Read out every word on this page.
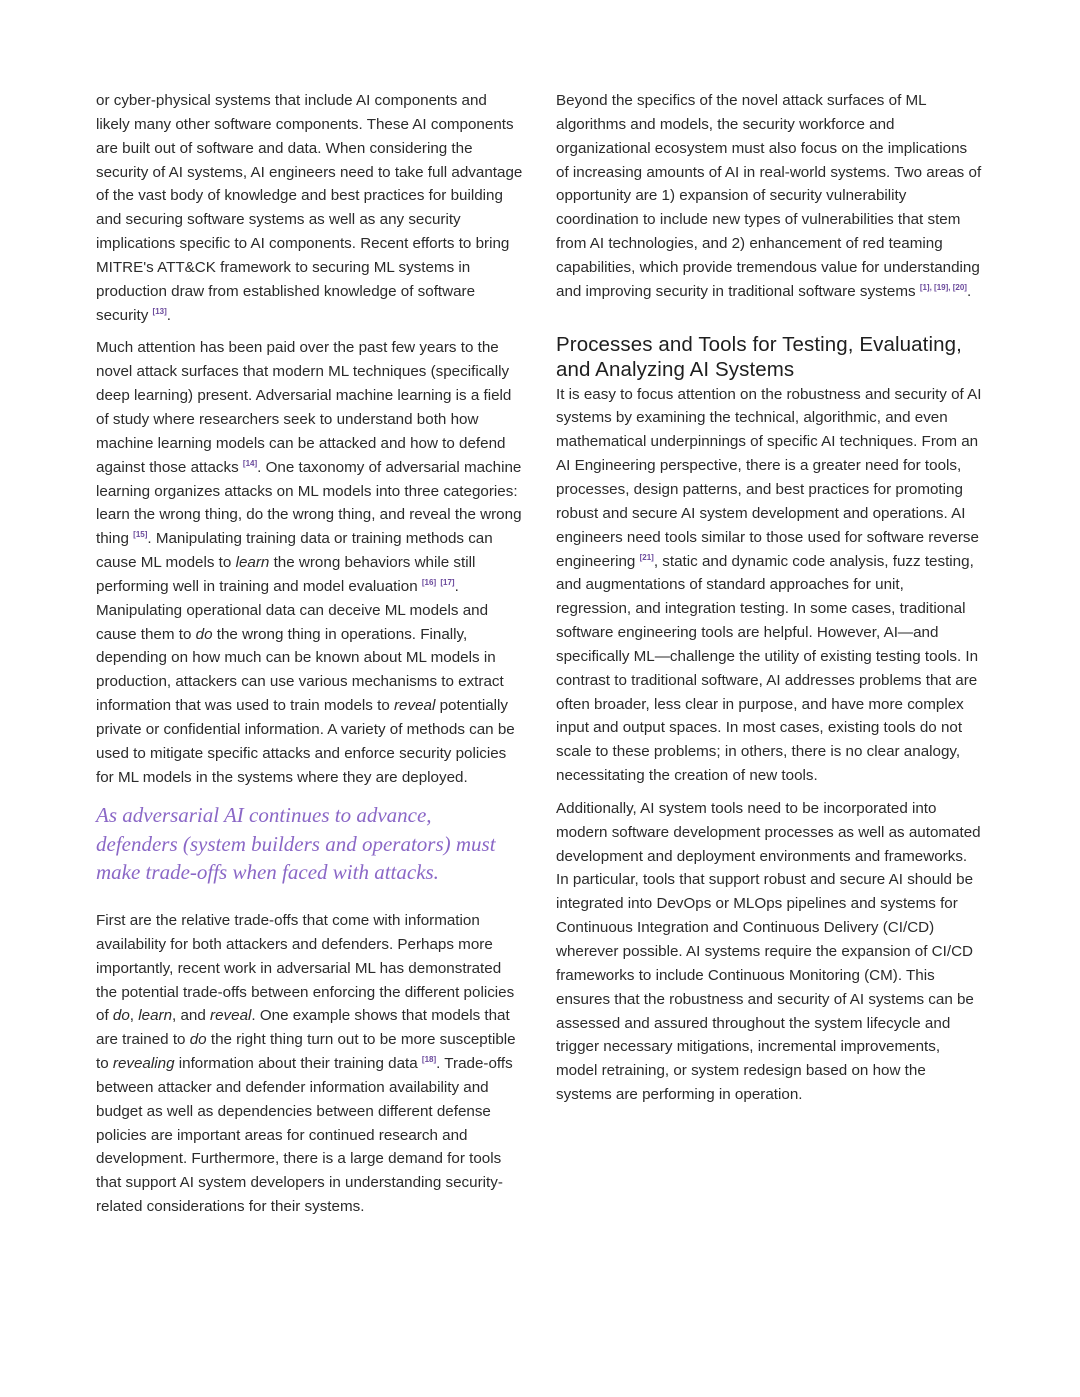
or cyber-physical systems that include AI components and likely many other software components. These AI components are built out of software and data. When considering the security of AI systems, AI engineers need to take full advantage of the vast body of knowledge and best practices for building and securing software systems as well as any security implications specific to AI components. Recent efforts to bring MITRE's ATT&CK framework to securing ML systems in production draw from established knowledge of software security [13].

Much attention has been paid over the past few years to the novel attack surfaces that modern ML techniques (specifically deep learning) present. Adversarial machine learning is a field of study where researchers seek to understand both how machine learning models can be attacked and how to defend against those attacks [14]. One taxonomy of adversarial machine learning organizes attacks on ML models into three categories: learn the wrong thing, do the wrong thing, and reveal the wrong thing [15]. Manipulating training data or training methods can cause ML models to learn the wrong behaviors while still performing well in training and model evaluation [16] [17]. Manipulating operational data can deceive ML models and cause them to do the wrong thing in operations. Finally, depending on how much can be known about ML models in production, attackers can use various mechanisms to extract information that was used to train models to reveal potentially private or confidential information. A variety of methods can be used to mitigate specific attacks and enforce security policies for ML models in the systems where they are deployed.

As adversarial AI continues to advance, defenders (system builders and operators) must make trade-offs when faced with attacks.

First are the relative trade-offs that come with information availability for both attackers and defenders. Perhaps more importantly, recent work in adversarial ML has demonstrated the potential trade-offs between enforcing the different policies of do, learn, and reveal. One example shows that models that are trained to do the right thing turn out to be more susceptible to revealing information about their training data [18]. Trade-offs between attacker and defender information availability and budget as well as dependencies between different defense policies are important areas for continued research and development. Furthermore, there is a large demand for tools that support AI system developers in understanding security-related considerations for their systems.

Beyond the specifics of the novel attack surfaces of ML algorithms and models, the security workforce and organizational ecosystem must also focus on the implications of increasing amounts of AI in real-world systems. Two areas of opportunity are 1) expansion of security vulnerability coordination to include new types of vulnerabilities that stem from AI technologies, and 2) enhancement of red teaming capabilities, which provide tremendous value for understanding and improving security in traditional software systems [1], [19], [20].

Processes and Tools for Testing, Evaluating, and Analyzing AI Systems

It is easy to focus attention on the robustness and security of AI systems by examining the technical, algorithmic, and even mathematical underpinnings of specific AI techniques. From an AI Engineering perspective, there is a greater need for tools, processes, design patterns, and best practices for promoting robust and secure AI system development and operations. AI engineers need tools similar to those used for software reverse engineering [21], static and dynamic code analysis, fuzz testing, and augmentations of standard approaches for unit, regression, and integration testing. In some cases, traditional software engineering tools are helpful. However, AI—and specifically ML—challenge the utility of existing testing tools. In contrast to traditional software, AI addresses problems that are often broader, less clear in purpose, and have more complex input and output spaces. In most cases, existing tools do not scale to these problems; in others, there is no clear analogy, necessitating the creation of new tools.

Additionally, AI system tools need to be incorporated into modern software development processes as well as automated development and deployment environments and frameworks. In particular, tools that support robust and secure AI should be integrated into DevOps or MLOps pipelines and systems for Continuous Integration and Continuous Delivery (CI/CD) wherever possible. AI systems require the expansion of CI/CD frameworks to include Continuous Monitoring (CM). This ensures that the robustness and security of AI systems can be assessed and assured throughout the system lifecycle and trigger necessary mitigations, incremental improvements, model retraining, or system redesign based on how the systems are performing in operation.
